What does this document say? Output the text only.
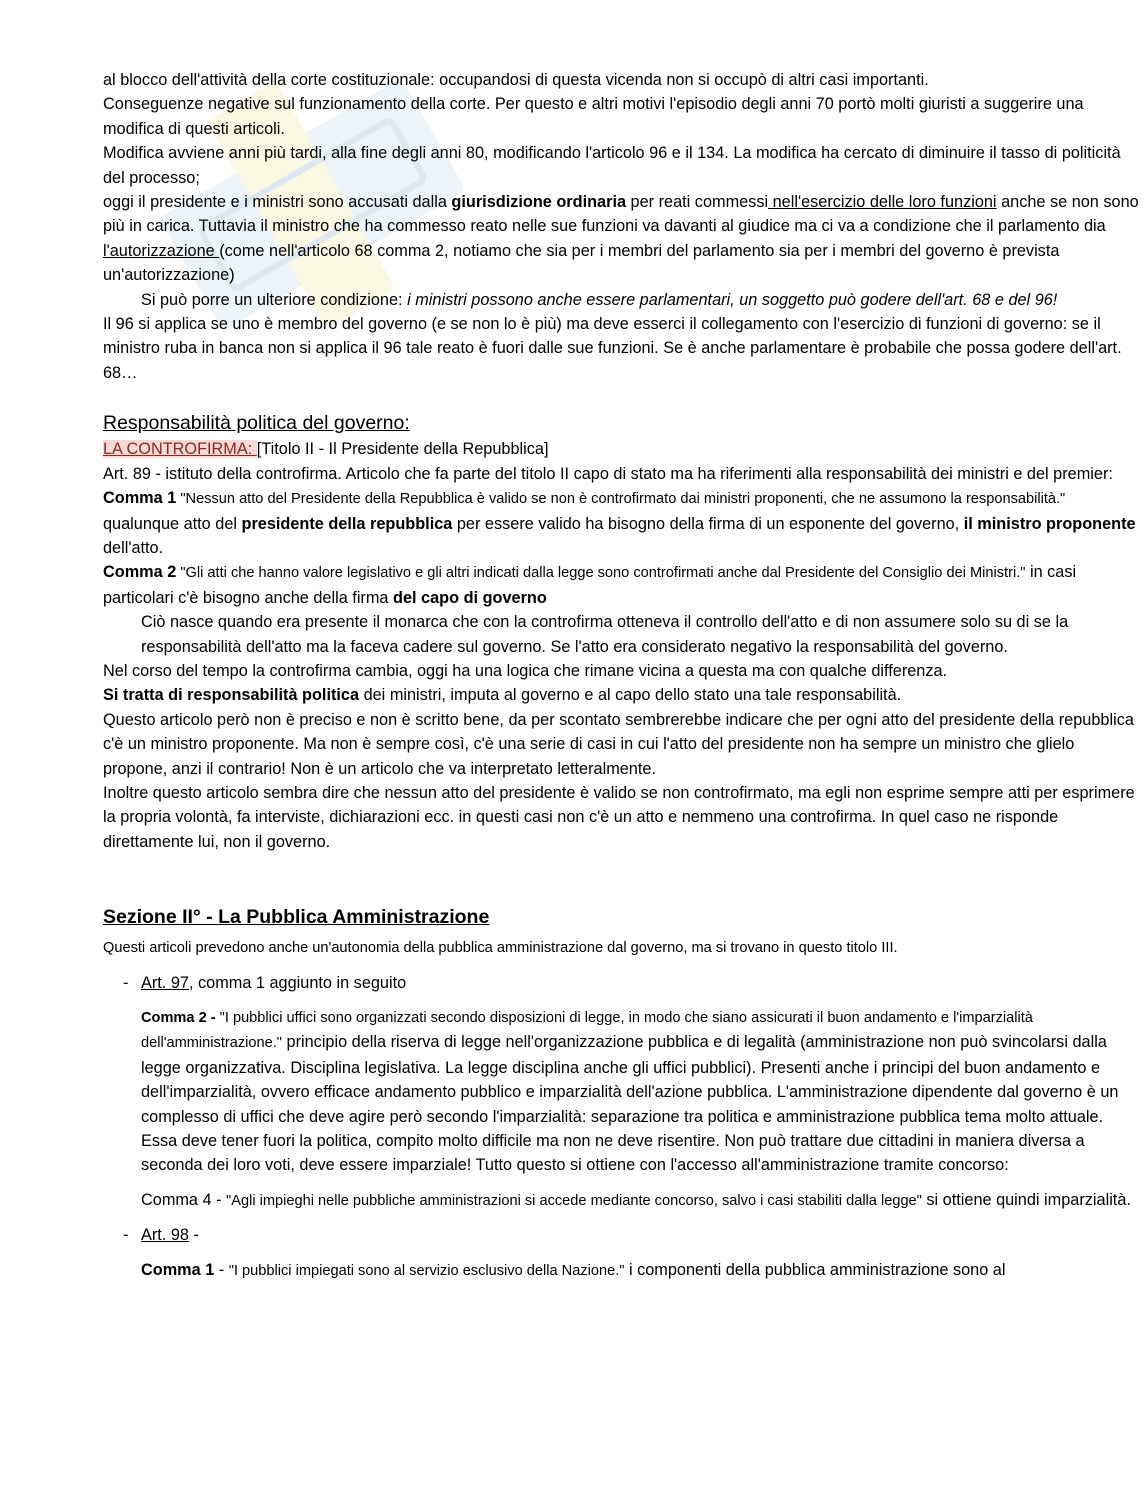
al blocco dell'attività della corte costituzionale: occupandosi di questa vicenda non si occupò di altri casi importanti.

Conseguenze negative sul funzionamento della corte. Per questo e altri motivi l'episodio degli anni 70 portò molti giuristi a suggerire una modifica di questi articoli.

Modifica avviene anni più tardi, alla fine degli anni 80, modificando l'articolo 96 e il 134. La modifica ha cercato di diminuire il tasso di politicità del processo;

oggi il presidente e i ministri sono accusati dalla giurisdizione ordinaria per reati commessi nell'esercizio delle loro funzioni anche se non sono più in carica. Tuttavia il ministro che ha commesso reato nelle sue funzioni va davanti al giudice ma ci va a condizione che il parlamento dia l'autorizzazione (come nell'articolo 68 comma 2, notiamo che sia per i membri del parlamento sia per i membri del governo è prevista un'autorizzazione)

Si può porre un ulteriore condizione: i ministri possono anche essere parlamentari, un soggetto può godere dell'art. 68 e del 96!

Il 96 si applica se uno è membro del governo (e se non lo è più) ma deve esserci il collegamento con l'esercizio di funzioni di governo: se il ministro ruba in banca non si applica il 96 tale reato è fuori dalle sue funzioni. Se è anche parlamentare è probabile che possa godere dell'art. 68…

Responsabilità politica del governo:

LA CONTROFIRMA: [Titolo II - Il Presidente della Repubblica]

Art. 89 - istituto della controfirma. Articolo che fa parte del titolo II capo di stato ma ha riferimenti alla responsabilità dei ministri e del premier:

Comma 1 "Nessun atto del Presidente della Repubblica è valido se non è controfirmato dai ministri proponenti, che ne assumono la responsabilità." qualunque atto del presidente della repubblica per essere valido ha bisogno della firma di un esponente del governo, il ministro proponente dell'atto.

Comma 2 "Gli atti che hanno valore legislativo e gli altri indicati dalla legge sono controfirmati anche dal Presidente del Consiglio dei Ministri." in casi particolari c'è bisogno anche della firma del capo di governo

Ciò nasce quando era presente il monarca che con la controfirma otteneva il controllo dell'atto e di non assumere solo su di se la responsabilità dell'atto ma la faceva cadere sul governo. Se l'atto era considerato negativo la responsabilità del governo.

Nel corso del tempo la controfirma cambia, oggi ha una logica che rimane vicina a questa ma con qualche differenza.

Si tratta di responsabilità politica dei ministri, imputa al governo e al capo dello stato una tale responsabilità.

Questo articolo però non è preciso e non è scritto bene, da per scontato sembrerebbe indicare che per ogni atto del presidente della repubblica c'è un ministro proponente. Ma non è sempre così, c'è una serie di casi in cui l'atto del presidente non ha sempre un ministro che glielo propone, anzi il contrario! Non è un articolo che va interpretato letteralmente.

Inoltre questo articolo sembra dire che nessun atto del presidente è valido se non controfirmato, ma egli non esprime sempre atti per esprimere la propria volontà, fa interviste, dichiarazioni ecc. in questi casi non c'è un atto e nemmeno una controfirma. In quel caso ne risponde direttamente lui, non il governo.

Sezione II° - La Pubblica Amministrazione

Questi articoli prevedono anche un'autonomia della pubblica amministrazione dal governo, ma si trovano in questo titolo III.

- Art. 97, comma 1 aggiunto in seguito

Comma 2 - "I pubblici uffici sono organizzati secondo disposizioni di legge, in modo che siano assicurati il buon andamento e l'imparzialità dell'amministrazione." principio della riserva di legge nell'organizzazione pubblica e di legalità (amministrazione non può svincolarsi dalla legge organizzativa. Disciplina legislativa. La legge disciplina anche gli uffici pubblici). Presenti anche i principi del buon andamento e dell'imparzialità, ovvero efficace andamento pubblico e imparzialità dell'azione pubblica. L'amministrazione dipendente dal governo è un complesso di uffici che deve agire però secondo l'imparzialità: separazione tra politica e amministrazione pubblica tema molto attuale. Essa deve tener fuori la politica, compito molto difficile ma non ne deve risentire. Non può trattare due cittadini in maniera diversa a seconda dei loro voti, deve essere imparziale! Tutto questo si ottiene con l'accesso all'amministrazione tramite concorso:

Comma 4 - "Agli impieghi nelle pubbliche amministrazioni si accede mediante concorso, salvo i casi stabiliti dalla legge" si ottiene quindi imparzialità.

- Art. 98 -

Comma 1 - "I pubblici impiegati sono al servizio esclusivo della Nazione." i componenti della pubblica amministrazione sono al
